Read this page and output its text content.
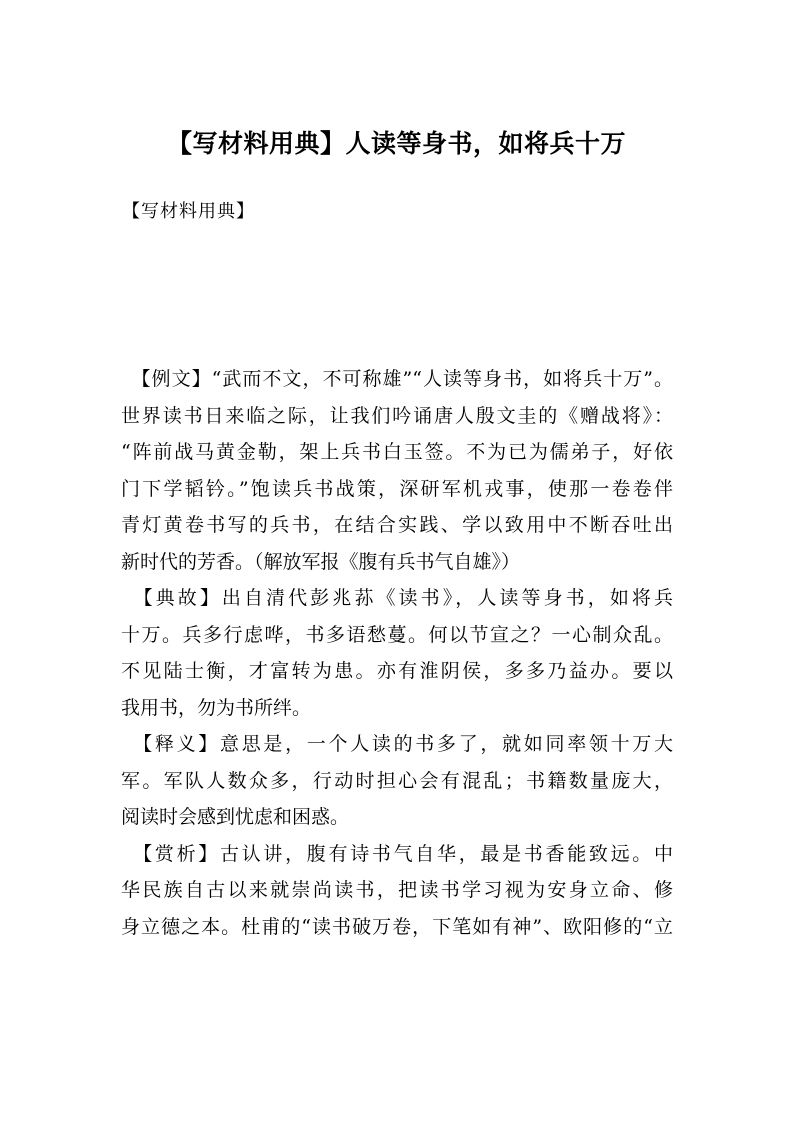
【写材料用典】人读等身书，如将兵十万

【写材料用典】

　【例文】“武而不文，不可称雄”“人读等身书，如将兵十万”。
世界读书日来临之际，让我们吟诵唐人殷文圭的《赠战将》：
“阵前战马黄金勒，架上兵书白玉签。不为已为儒弟子，好依
门下学韬钤。”饱读兵书战策，深研军机戎事，使那一卷卷伴
青灯黄卷书写的兵书，在结合实践、学以致用中不断吞吐出
新时代的芳香。（解放军报《腹有兵书气自雄》）
　【典故】出自清代彭兆荪《读书》，人读等身书，如将兵
十万。兵多行虑哗，书多语愁蔓。何以节宣之？一心制众乱。
不见陆士衡，才富转为患。亦有淮阴侯，多多乃益办。要以
我用书，勿为书所绊。
　【释义】意思是，一个人读的书多了，就如同率领十万大
军。军队人数众多，行动时担心会有混乱；书籍数量庞大，
阅读时会感到忧虑和困惑。
　【赏析】古认讲，腹有诗书气自华，最是书香能致远。中
华民族自古以来就崇尚读书，把读书学习视为安身立命、修
身立德之本。杜甫的“读书破万卷，下笔如有神”、欧阳修的“立
